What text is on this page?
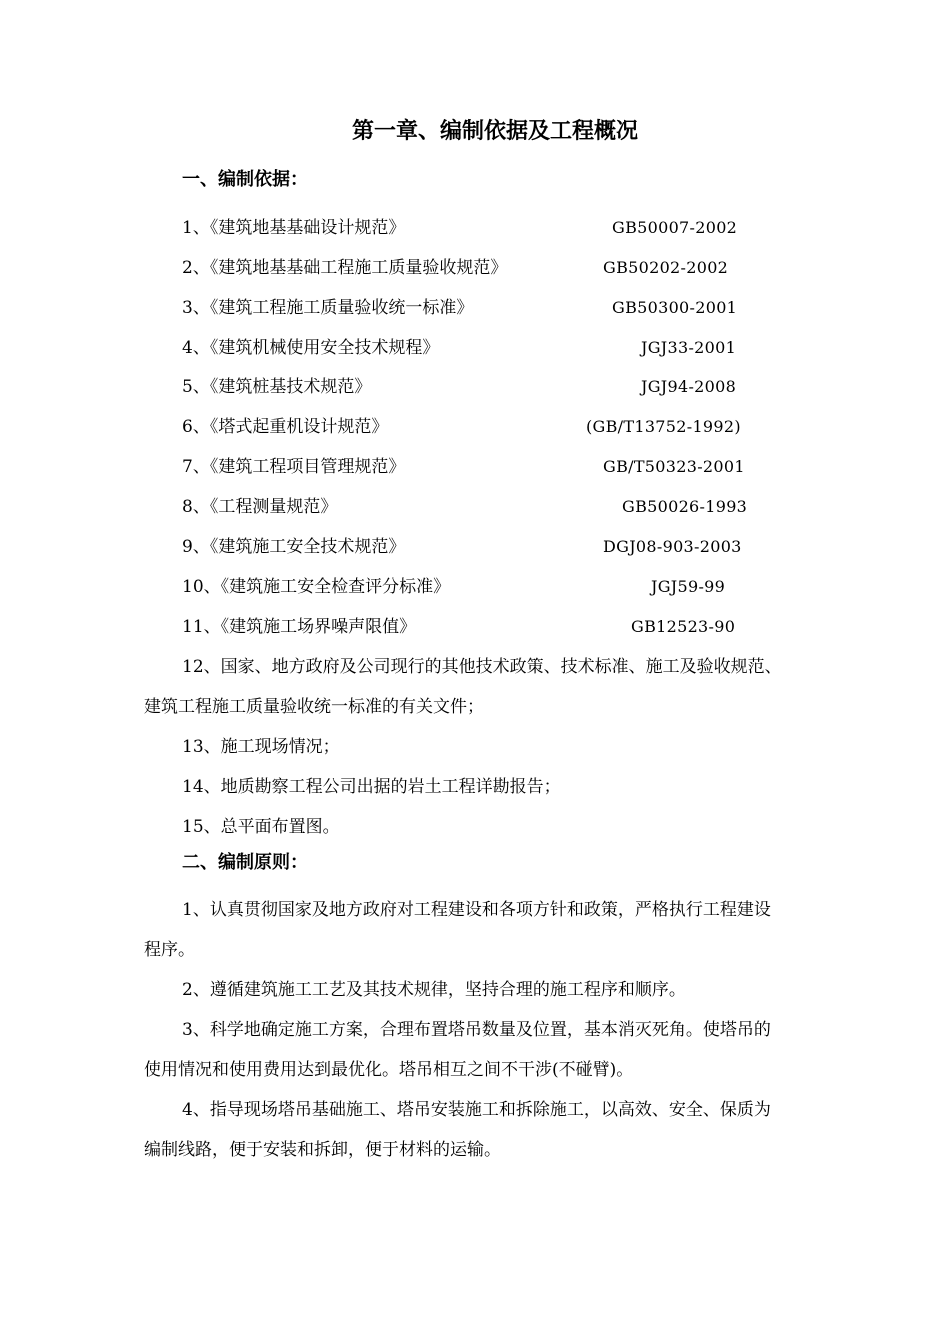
第一章、编制依据及工程概况
一、编制依据：
1、《建筑地基基础设计规范》	GB50007-2002
2、《建筑地基基础工程施工质量验收规范》	GB50202-2002
3、《建筑工程施工质量验收统一标准》	GB50300-2001
4、《建筑机械使用安全技术规程》	JGJ33-2001
5、《建筑桩基技术规范》	JGJ94-2008
6、《塔式起重机设计规范》	(GB/T13752-1992)
7、《建筑工程项目管理规范》	GB/T50323-2001
8、《工程测量规范》	GB50026-1993
9、《建筑施工安全技术规范》	DGJ08-903-2003
10、《建筑施工安全检查评分标准》	JGJ59-99
11、《建筑施工场界噪声限值》	GB12523-90
12、国家、地方政府及公司现行的其他技术政策、技术标准、施工及验收规范、
建筑工程施工质量验收统一标准的有关文件；
13、施工现场情况；
14、地质勘察工程公司出据的岩土工程详勘报告；
15、总平面布置图。
二、编制原则：
1、认真贯彻国家及地方政府对工程建设和各项方针和政策，严格执行工程建设
程序。
2、遵循建筑施工工艺及其技术规律，坚持合理的施工程序和顺序。
3、科学地确定施工方案，合理布置塔吊数量及位置，基本消灭死角。使塔吊的
使用情况和使用费用达到最优化。塔吊相互之间不干涉(不碰臂)。
4、指导现场塔吊基础施工、塔吊安装施工和拆除施工，以高效、安全、保质为
编制线路，便于安装和拆卸，便于材料的运输。
